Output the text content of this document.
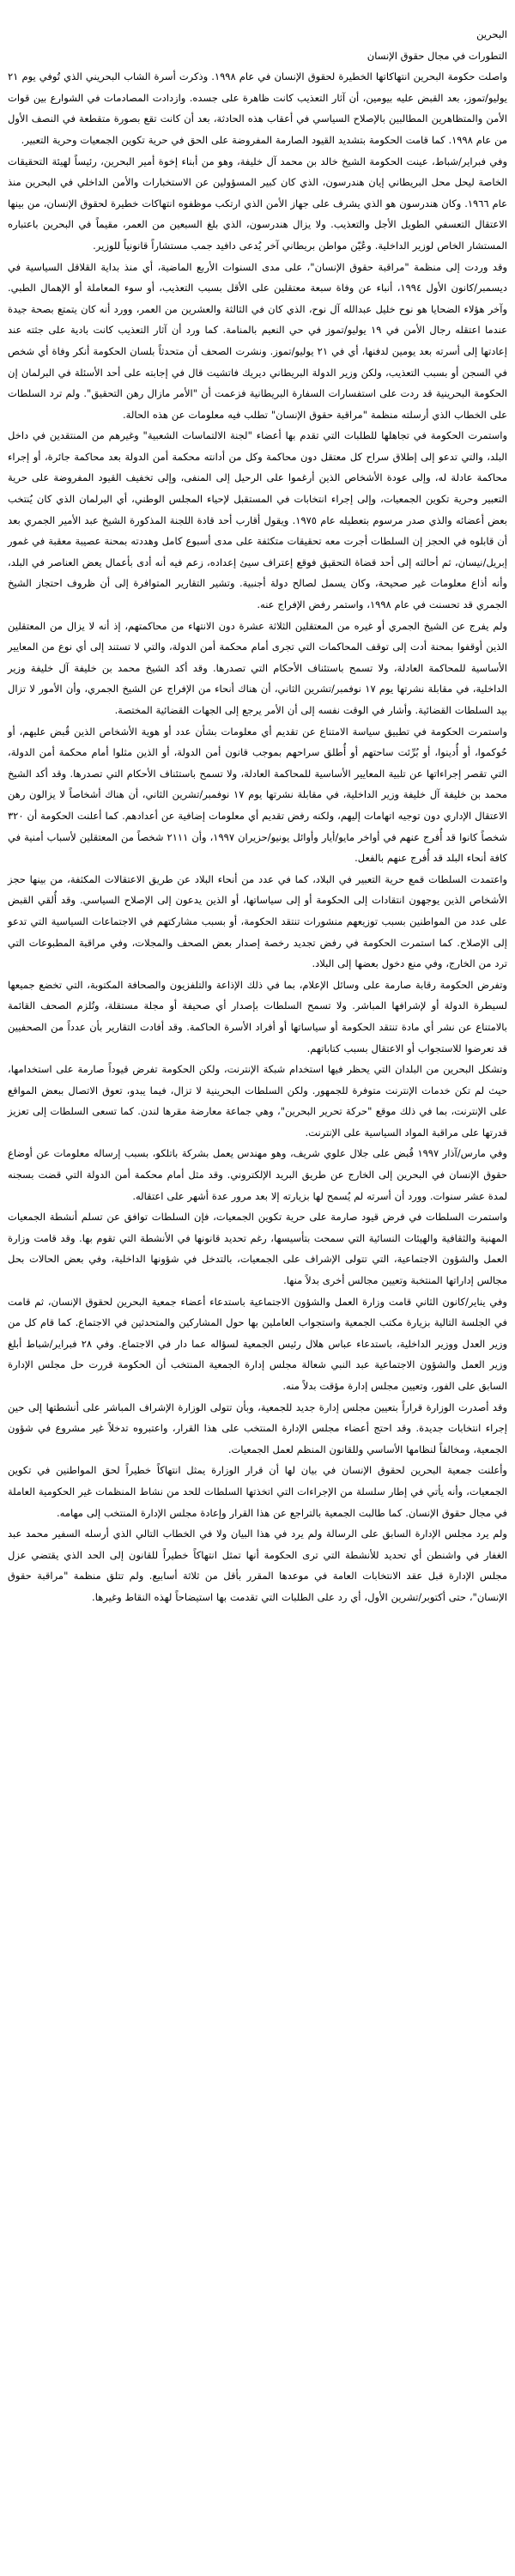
البحرين
التطورات في مجال حقوق الإنسان

واصلت حكومة البحرين انتهاكاتها الخطيرة لحقوق الإنسان في عام ١٩٩٨. وذكرت أسرة الشاب البحريني الذي تُوفي يوم ٢١ يوليو/تموز، بعد القبض عليه بيومين، أن آثار التعذيب كانت ظاهرة على جسده. وازدادت المصادمات في الشوارع بين قوات الأمن والمتظاهرين المطالبين بالإصلاح السياسي في أعقاب هذه الحادثة، بعد أن كانت تقع بصورة متقطعة في النصف الأول من عام ١٩٩٨. كما قامت الحكومة بتشديد القيود الصارمة المفروضة على الحق في حرية تكوين الجمعيات وحرية التعبير.

وفي فبراير/شباط، عينت الحكومة الشيخ خالد بن محمد آل خليفة، وهو من أبناء إخوة أمير البحرين، رئيساً لهيئة التحقيقات الخاصة ليحل محل البريطاني إيان هندرسون، الذي كان كبير المسؤولين عن الاستخبارات والأمن الداخلي في البحرين منذ عام ١٩٦٦. وكان هندرسون هو الذي يشرف على جهاز الأمن الذي ارتكب موظفوه انتهاكات خطيرة لحقوق الإنسان، من بينها الاعتقال التعسفي الطويل الأجل والتعذيب. ولا يزال هندرسون، الذي بلغ السبعين من العمر، مقيماً في البحرين باعتباره المستشار الخاص لوزير الداخلية. وعُيّن مواطن بريطاني آخر يُدعى دافيد جمب مستشاراً قانونياً للوزير.

وقد وردت إلى منظمة "مراقبة حقوق الإنسان"، على مدى السنوات الأربع الماضية، أي منذ بداية القلاقل السياسية في ديسمبر/كانون الأول ١٩٩٤، أنباء عن وفاة سبعة معتقلين على الأقل بسبب التعذيب، أو سوء المعاملة أو الإهمال الطبي. وآخر هؤلاء الضحايا هو نوح خليل عبدالله آل نوح، الذي كان في الثالثة والعشرين من العمر، وورد أنه كان يتمتع بصحة جيدة عندما اعتقله رجال الأمن في ١٩ يوليو/تموز في حي النعيم بالمنامة. كما ورد أن آثار التعذيب كانت بادية على جثته عند إعادتها إلى أسرته بعد يومين لدفنها، أي في ٢١ يوليو/تموز. ونشرت الصحف أن متحدثاً بلسان الحكومة أنكر وفاة أي شخص في السجن أو بسبب التعذيب، ولكن وزير الدولة البريطاني ديريك فاتشيت قال في إجابته على أحد الأسئلة في البرلمان إن الحكومة البحرينية قد ردت على استفسارات السفارة البريطانية فزعمت أن "الأمر مازال رهن التحقيق". ولم ترد السلطات على الخطاب الذي أرسلته منظمة "مراقبة حقوق الإنسان" تطلب فيه معلومات عن هذه الحالة.

واستمرت الحكومة في تجاهلها للطلبات التي تقدم بها أعضاء "لجنة الالتماسات الشعبية" وغيرهم من المنتقدين في داخل البلد، والتي تدعو إلى إطلاق سراح كل معتقل دون محاكمة وكل من أدانته محكمة أمن الدولة بعد محاكمة جائرة، أو إجراء محاكمة عادلة له، وإلى عودة الأشخاص الذين أرغموا على الرحيل إلى المنفى، وإلى تخفيف القيود المفروضة على حرية التعبير وحرية تكوين الجمعيات، وإلى إجراء انتخابات في المستقبل لإحياء المجلس الوطني، أي البرلمان الذي كان يُنتخب بعض أعضائه والذي صدر مرسوم بتعطيله عام ١٩٧٥. ويقول أقارب أحد قادة اللجنة المذكورة الشيخ عبد الأمير الجمري بعد أن قابلوه في الحجز إن السلطات أجرت معه تحقيقات متكثفة على مدى أسبوع كامل وهددته بمحنة عصيبة معقبة في غمور إبريل/نيسان، ثم أحالته إلى أحد قضاة التحقيق فوقع إعتراف سيئ إعداده، زعم فيه أنه أدى بأعمال يعض العناصر في البلد، وأنه أذاع معلومات غير صحيحة، وكان يسمل لصالح دولة أجنبية. وتشير التقارير المتوافرة إلى أن ظروف احتجاز الشيخ الجمري قد تحسنت في عام ١٩٩٨، واستمر رفض الإفراج عنه.

ولم يفرج عن الشيخ الجمري أو غيره من المعتقلين الثلاثة عشرة دون الانتهاء من محاكمتهم، إذ أنه لا يزال من المعتقلين الذين أوقفوا بمحنة أدت إلى توقف المحاكمات التي تجرى أمام محكمة أمن الدولة، والتي لا تستند إلى أي نوع من المعايير الأساسية للمحاكمة العادلة، ولا تسمح باستئناف الأحكام التي تصدرها. وقد أكد الشيخ محمد بن خليفة آل خليفة وزير الداخلية، في مقابلة نشرتها يوم ١٧ نوفمبر/تشرين الثاني، أن هناك أنحاء من الإفراج عن الشيخ الجمري، وأن الأمور لا تزال بيد السلطات القضائية. وأشار في الوقت نفسه إلى أن الأمر يرجع إلى الجهات القضائية المختصة.

واستمرت الحكومة في تطبيق سياسة الامتناع عن تقديم أي معلومات بشأن عدد أو هوية الأشخاص الذين قُبض عليهم، أو حُوكموا، أو أُدينوا، أو بُرِّئت ساحتهم أو أُطلق سراحهم بموجب قانون أمن الدولة، أو الذين مثلوا أمام محكمة أمن الدولة، التي تقصر إجراءاتها عن تلبية المعايير الأساسية للمحاكمة العادلة، ولا تسمح باستئناف الأحكام التي تصدرها. وقد أكد الشيخ محمد بن خليفة آل خليفة وزير الداخلية، في مقابلة نشرتها يوم ١٧ نوفمبر/تشرين الثاني، أن هناك أشخاصاً لا يزالون رهن الاعتقال الإداري دون توجيه اتهامات إليهم، ولكنه رفض تقديم أي معلومات إضافية عن أعدادهم. كما أعلنت الحكومة أن ٣٢٠ شخصاً كانوا قد أُفرج عنهم في أواخر مايو/أيار وأوائل يونيو/حزيران ١٩٩٧، وأن ٢١١١ شخصاً من المعتقلين لأسباب أمنية في كافة أنحاء البلد قد أُفرج عنهم بالفعل.

واعتمدت السلطات قمع حرية التعبير في البلاد، كما في عدد من أنحاء البلاد عن طريق الاعتقالات المكثفة، من بينها حجز الأشخاص الذين يوجهون انتقادات إلى الحكومة أو إلى سياساتها، أو الذين يدعون إلى الإصلاح السياسي. وقد أُلقي القبض على عدد من المواطنين بسبب توزيعهم منشورات تنتقد الحكومة، أو بسبب مشاركتهم في الاجتماعات السياسية التي تدعو إلى الإصلاح. كما استمرت الحكومة في رفض تجديد رخصة إصدار بعض الصحف والمجلات، وفي مراقبة المطبوعات التي ترد من الخارج، وفي منع دخول بعضها إلى البلاد.

وتفرض الحكومة رقابة صارمة على وسائل الإعلام، بما في ذلك الإذاعة والتلفزيون والصحافة المكتوبة، التي تخضع جميعها لسيطرة الدولة أو لإشرافها المباشر. ولا تسمح السلطات بإصدار أي صحيفة أو مجلة مستقلة، وتُلزم الصحف القائمة بالامتناع عن نشر أي مادة تنتقد الحكومة أو سياساتها أو أفراد الأسرة الحاكمة. وقد أفادت التقارير بأن عدداً من الصحفيين قد تعرضوا للاستجواب أو الاعتقال بسبب كتاباتهم.

وتشكل البحرين من البلدان التي يحظر فيها استخدام شبكة الإنترنت، ولكن الحكومة تفرض قيوداً صارمة على استخدامها، حيث لم تكن خدمات الإنترنت متوفرة للجمهور. ولكن السلطات البحرينية لا تزال، فيما يبدو، تعوق الاتصال ببعض المواقع على الإنترنت، بما في ذلك موقع "حركة تحرير البحرين"، وهي جماعة معارضة مقرها لندن. كما تسعى السلطات إلى تعزيز قدرتها على مراقبة المواد السياسية على الإنترنت.

وفي مارس/آذار ١٩٩٧ قُبض على جلال علوي شريف، وهو مهندس يعمل بشركة باتلكو، بسبب إرساله معلومات عن أوضاع حقوق الإنسان في البحرين إلى الخارج عن طريق البريد الإلكتروني. وقد مثل أمام محكمة أمن الدولة التي قضت بسجنه لمدة عشر سنوات. وورد أن أسرته لم يُسمح لها بزيارته إلا بعد مرور عدة أشهر على اعتقاله.

واستمرت السلطات في فرض قيود صارمة على حرية تكوين الجمعيات، فإن السلطات توافق عن تسلم أنشطة الجمعيات المهنية والثقافية والهيئات النسائية التي سمحت بتأسيسها، رغم تحديد قانونها في الأنشطة التي تقوم بها. وقد قامت وزارة العمل والشؤون الاجتماعية، التي تتولى الإشراف على الجمعيات، بالتدخل في شؤونها الداخلية، وفي بعض الحالات بحل مجالس إداراتها المنتخبة وتعيين مجالس أخرى بدلاً منها.

وفي يناير/كانون الثاني قامت وزارة العمل والشؤون الاجتماعية باستدعاء أعضاء جمعية البحرين لحقوق الإنسان، ثم قامت في الجلسة التالية بزيارة مكتب الجمعية واستجواب العاملين بها حول المشاركين والمتحدثين في الاجتماع. كما قام كل من وزير العدل ووزير الداخلية، باستدعاء عباس هلال رئيس الجمعية لسؤاله عما دار في الاجتماع. وفي ٢٨ فبراير/شباط أبلغ وزير العمل والشؤون الاجتماعية عبد النبي شعالة مجلس إدارة الجمعية المنتخب أن الحكومة قررت حل مجلس الإدارة السابق على الفور، وتعيين مجلس إدارة مؤقت بدلاً منه.

وقد أصدرت الوزارة قراراً بتعيين مجلس إدارة جديد للجمعية، وبأن تتولى الوزارة الإشراف المباشر على أنشطتها إلى حين إجراء انتخابات جديدة. وقد احتج أعضاء مجلس الإدارة المنتخب على هذا القرار، واعتبروه تدخلاً غير مشروع في شؤون الجمعية، ومخالفاً لنظامها الأساسي وللقانون المنظم لعمل الجمعيات.

وأعلنت جمعية البحرين لحقوق الإنسان في بيان لها أن قرار الوزارة يمثل انتهاكاً خطيراً لحق المواطنين في تكوين الجمعيات، وأنه يأتي في إطار سلسلة من الإجراءات التي اتخذتها السلطات للحد من نشاط المنظمات غير الحكومية العاملة في مجال حقوق الإنسان. كما طالبت الجمعية بالتراجع عن هذا القرار وإعادة مجلس الإدارة المنتخب إلى مهامه.

ولم يرد مجلس الإدارة السابق على الرسالة ولم يرد في هذا البيان ولا في الخطاب التالي الذي أرسله السفير محمد عبد الغفار في واشنطن أي تحديد للأنشطة التي ترى الحكومة أنها تمثل انتهاكاً خطيراً للقانون إلى الحد الذي يقتضي عزل مجلس الإدارة قبل عقد الانتخابات العامة في موعدها المقرر بأقل من ثلاثة أسابيع. ولم تتلق منظمة "مراقبة حقوق الإنسان"، حتى أكتوبر/تشرين الأول، أي رد على الطلبات التي تقدمت بها استيضاحاً لهذه النقاط وغيرها.
